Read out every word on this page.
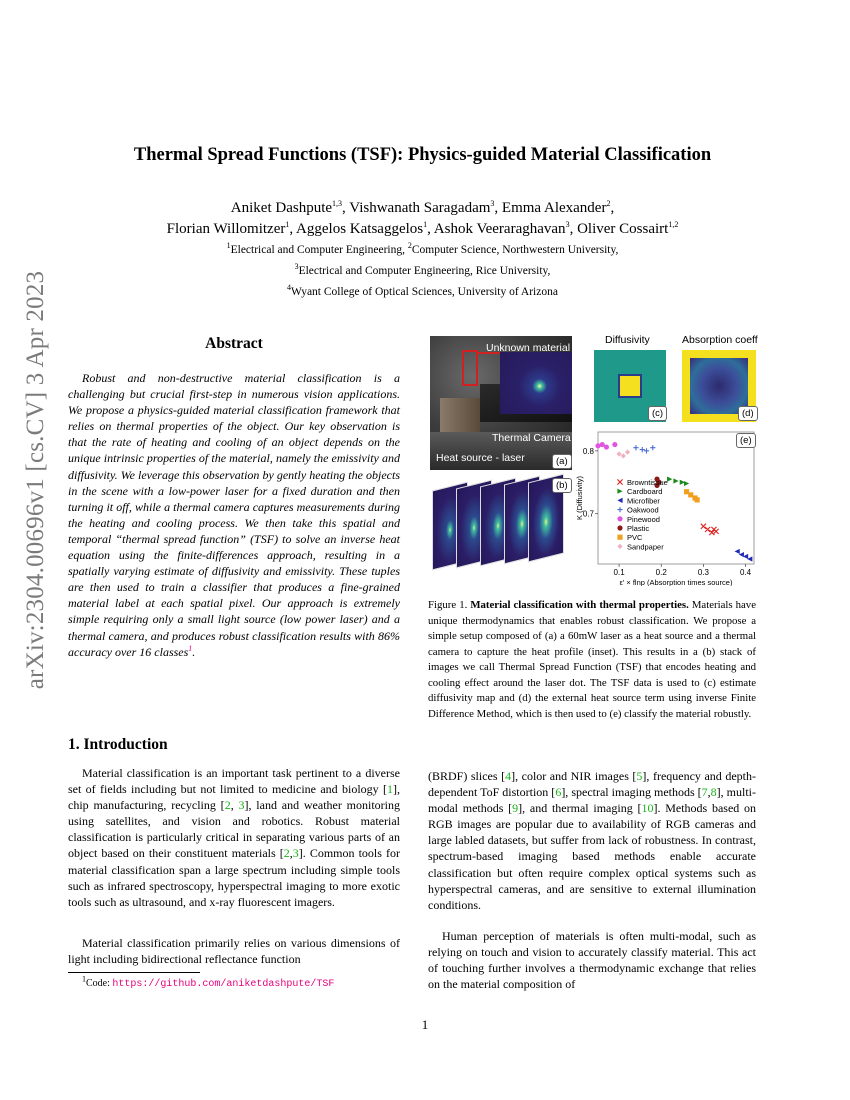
arXiv:2304.00696v1 [cs.CV] 3 Apr 2023
Thermal Spread Functions (TSF): Physics-guided Material Classification
Aniket Dashpute$^{1,3}$, Vishwanath Saragadam$^3$, Emma Alexander$^2$,
Florian Willomitzer$^1$, Aggelos Katsaggelos$^1$, Ashok Veeraraghavan$^3$, Oliver Cossairt$^{1,2}$
$^1$Electrical and Computer Engineering, $^2$Computer Science, Northwestern University,
$^3$Electrical and Computer Engineering, Rice University,
$^4$Wyant College of Optical Sciences, University of Arizona
Abstract

Robust and non-destructive material classification is a challenging but crucial first-step in numerous vision applications. We propose a physics-guided material classification framework that relies on thermal properties of the object. Our key observation is that the rate of heating and cooling of an object depends on the unique intrinsic properties of the material, namely the emissivity and diffusivity. We leverage this observation by gently heating the objects in the scene with a low-power laser for a fixed duration and then turning it off, while a thermal camera captures measurements during the heating and cooling process. We then take this spatial and temporal “thermal spread function” (TSF) to solve an inverse heat equation using the finite-differences approach, resulting in a spatially varying estimate of diffusivity and emissivity. These tuples are then used to train a classifier that produces a fine-grained material label at each spatial pixel. Our approach is extremely simple requiring only a small light source (low power laser) and a thermal camera, and produces robust classification results with 86% accuracy over 16 classes$^1$.

1. Introduction

Material classification is an important task pertinent to a diverse set of fields including but not limited to medicine and biology [1], chip manufacturing, recycling [2, 3], land and weather monitoring using satellites, and vision and robotics. Robust material classification is particularly critical in separating various parts of an object based on their constituent materials [2,3]. Common tools for material classification span a large spectrum including simple tools such as infrared spectroscopy, hyperspectral imaging to more exotic tools such as ultrasound, and x-ray fluorescent imagers.

Material classification primarily relies on various dimensions of light including bidirectional reflectance function

$^1$Code: https://github.com/aniketdashpute/TSF
Unknown material
Thermal Camera
Heat source - laser	(a)
(b)
Diffusivity
(c)
Absorption coeff
(d)
0.1	0.2	0.3	0.4
0.7
0.8
ε' × flnp (Absorption times source)
K (Diffusivity)	Browntissue
Cardboard
Microfiber
Oakwood
Pinewood
Plastic
PVC
Sandpaper
(e)

Figure 1. Material classification with thermal properties. Materials have unique thermodynamics that enables robust classification. We propose a simple setup composed of (a) a 60mW laser as a heat source and a thermal camera to capture the heat profile (inset). This results in a (b) stack of images we call Thermal Spread Function (TSF) that encodes heating and cooling effect around the laser dot. The TSF data is used to (c) estimate diffusivity map and (d) the external heat source term using inverse Finite Difference Method, which is then used to (e) classify the material robustly.

(BRDF) slices [4], color and NIR images [5], frequency and depth-dependent ToF distortion [6], spectral imaging methods [7,8], multi-modal methods [9], and thermal imaging [10]. Methods based on RGB images are popular due to availability of RGB cameras and large labled datasets, but suffer from lack of robustness. In contrast, spectrum-based imaging based methods enable accurate classification but often require complex optical systems such as hyperspectral cameras, and are sensitive to external illumination conditions.

Human perception of materials is often multi-modal, such as relying on touch and vision to accurately classify material. This act of touching further involves a thermodynamic exchange that relies on the material composition of

1
